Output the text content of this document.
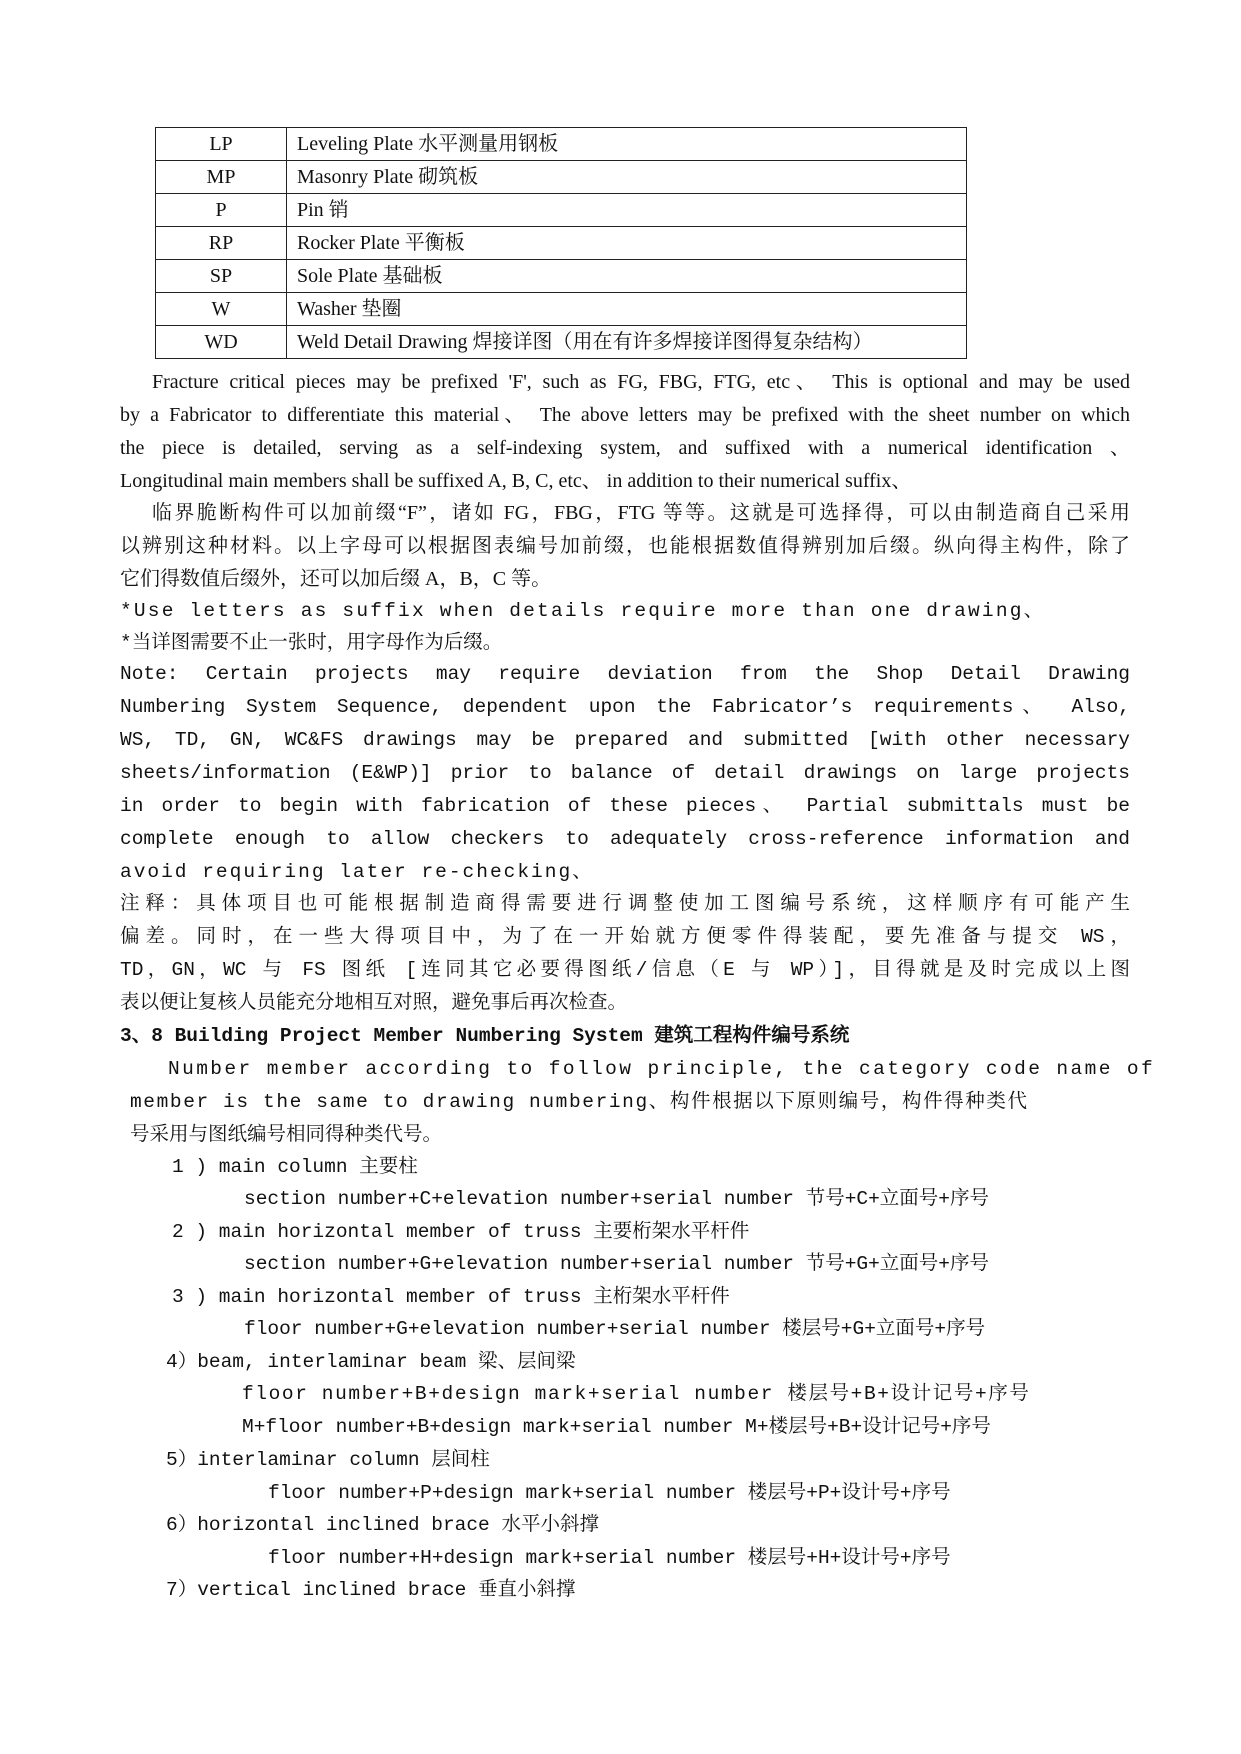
LP	Leveling Plate 水平测量用钢板
MP	Masonry Plate 砌筑板
P	Pin 销
RP	Rocker Plate 平衡板
SP	Sole Plate 基础板
W	Washer 垫圈
WD	Weld Detail Drawing 焊接详图（用在有许多焊接详图得复杂结构）
Fracture critical pieces may be prefixed 'F', such as FG, FBG, FTG, etc、 This is optional and may be used
by a Fabricator to differentiate this material、 The above letters may be prefixed with the sheet number on which
the piece is detailed, serving as a self-indexing system, and suffixed with a numerical identification 、
Longitudinal main members shall be suffixed A, B, C, etc、 in addition to their numerical suffix、
临界脆断构件可以加前缀“F”，诸如 FG，FBG，FTG 等等。这就是可选择得，可以由制造商自己采用
以辨别这种材料。以上字母可以根据图表编号加前缀，也能根据数值得辨别加后缀。纵向得主构件，除了
它们得数值后缀外，还可以加后缀 A，B，C 等。
*Use letters as suffix when details require more than one drawing、
*当详图需要不止一张时，用字母作为后缀。
Note: Certain projects may require deviation from the Shop Detail Drawing
Numbering System Sequence, dependent upon the Fabricator’s requirements、 Also,
WS, TD, GN, WC&FS drawings may be prepared and submitted [with other necessary
sheets/information (E&WP)] prior to balance of detail drawings on large projects
in order to begin with fabrication of these pieces、 Partial submittals must be
complete enough to allow checkers to adequately cross-reference information and
avoid requiring later re-checking、
注释：具体项目也可能根据制造商得需要进行调整使加工图编号系统，这样顺序有可能产生
偏差。同时，在一些大得项目中，为了在一开始就方便零件得装配，要先准备与提交 WS，
TD，GN，WC 与 FS 图纸 [连同其它必要得图纸/信息（E 与 WP）]，目得就是及时完成以上图
表以便让复核人员能充分地相互对照，避免事后再次检查。
3、8 Building Project Member Numbering System 建筑工程构件编号系统
Number member according to follow principle, the category code name of
member is the same to drawing numbering、构件根据以下原则编号，构件得种类代
号采用与图纸编号相同得种类代号。
1 ) main column 主要柱
section number+C+elevation number+serial number 节号+C+立面号+序号
2 ) main horizontal member of truss 主要桁架水平杆件
section number+G+elevation number+serial number 节号+G+立面号+序号
3 ) main horizontal member of truss 主桁架水平杆件
floor number+G+elevation number+serial number 楼层号+G+立面号+序号
4）beam, interlaminar beam 梁、层间梁
floor number+B+design mark+serial number 楼层号+B+设计记号+序号
M+floor number+B+design mark+serial number M+楼层号+B+设计记号+序号
5）interlaminar column 层间柱
floor number+P+design mark+serial number 楼层号+P+设计号+序号
6）horizontal inclined brace 水平小斜撑
floor number+H+design mark+serial number 楼层号+H+设计号+序号
7）vertical inclined brace 垂直小斜撑
